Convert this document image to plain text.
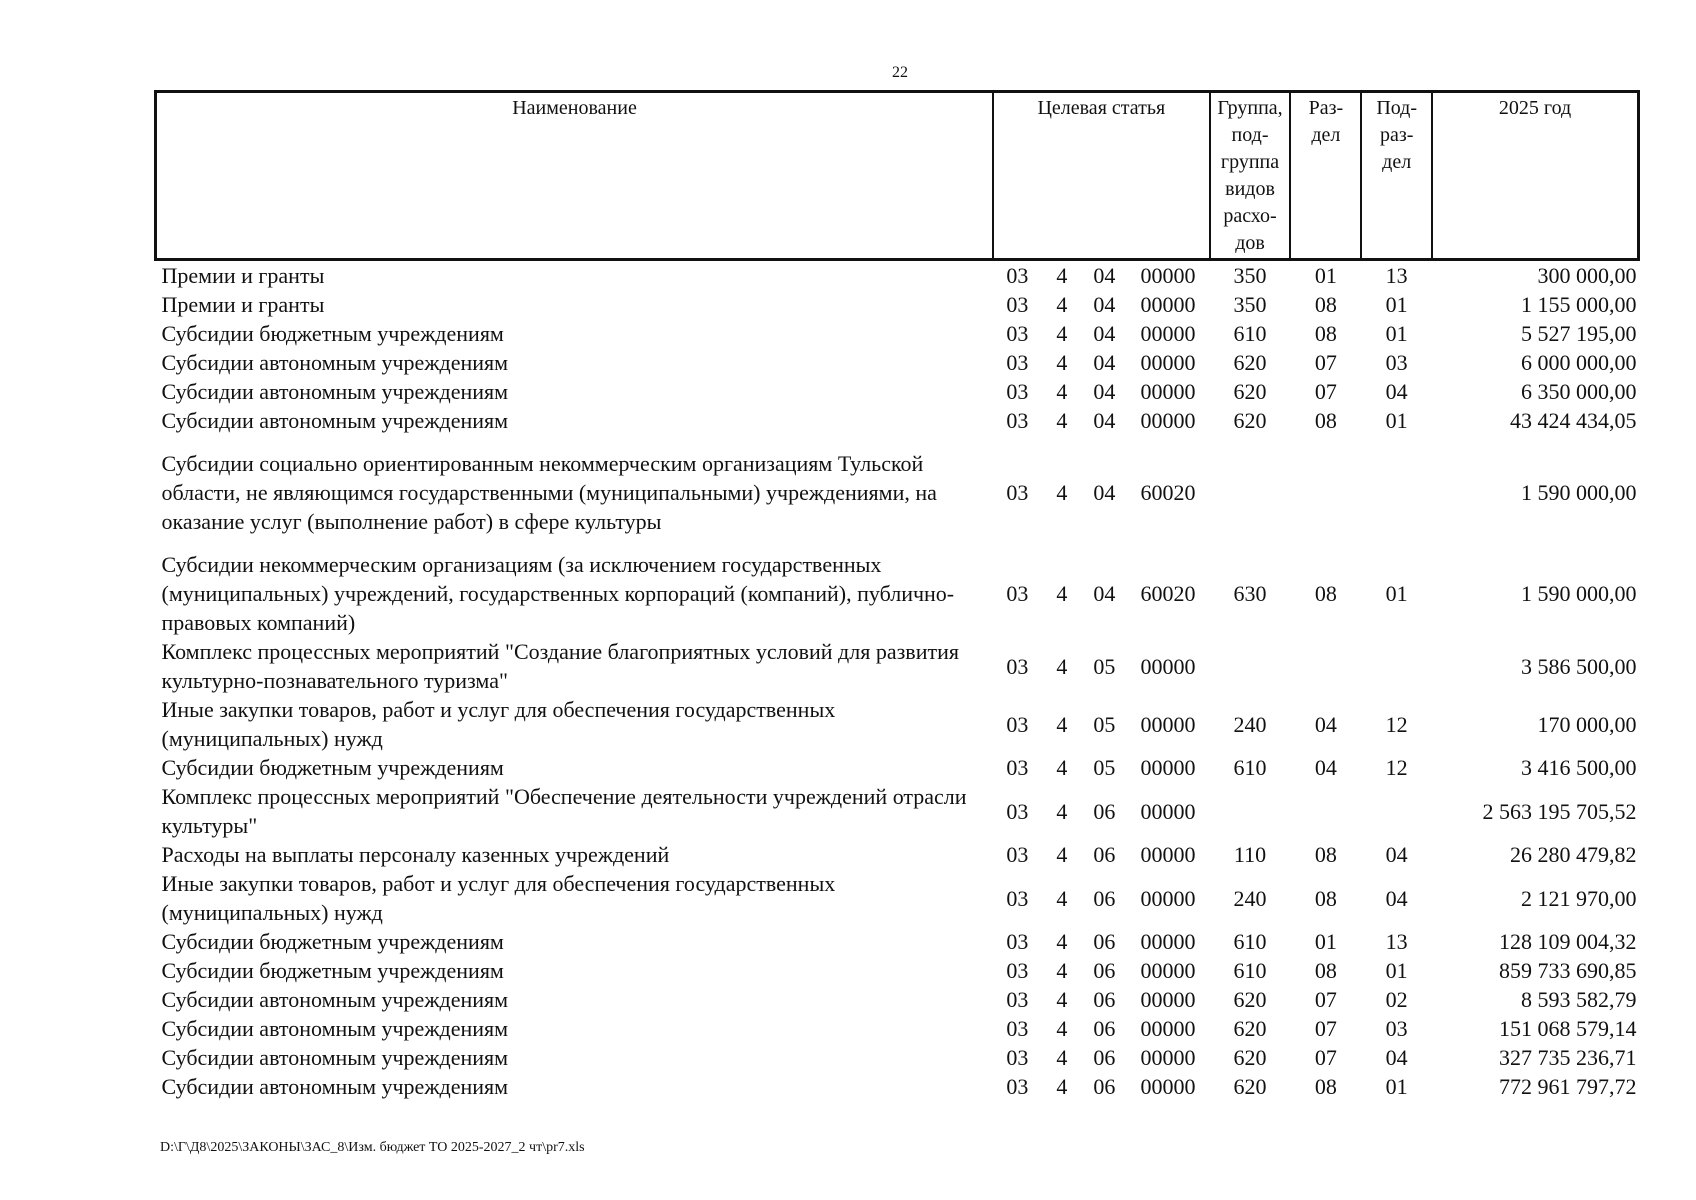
22
Наименование	Целевая статья				Группа, под- группа видов расхо- дов	Раз- дел	Под- раз- дел	2025 год
Премии и гранты	03	4	04	00000	350	01	13	300 000,00
Премии и гранты	03	4	04	00000	350	08	01	1 155 000,00
Субсидии бюджетным учреждениям	03	4	04	00000	610	08	01	5 527 195,00
Субсидии автономным учреждениям	03	4	04	00000	620	07	03	6 000 000,00
Субсидии автономным учреждениям	03	4	04	00000	620	07	04	6 350 000,00
Субсидии автономным учреждениям	03	4	04	00000	620	08	01	43 424 434,05
Субсидии социально ориентированным некоммерческим организациям Тульской области, не являющимся государственными (муниципальными) учреждениями, на оказание услуг (выполнение работ) в сфере культуры	03	4	04	60020				1 590 000,00
Субсидии некоммерческим организациям (за исключением государственных (муниципальных) учреждений, государственных корпораций (компаний), публично-правовых компаний)	03	4	04	60020	630	08	01	1 590 000,00
Комплекс процессных мероприятий "Создание благоприятных условий для развития культурно-познавательного туризма"	03	4	05	00000				3 586 500,00
Иные закупки товаров, работ и услуг для обеспечения государственных (муниципальных) нужд	03	4	05	00000	240	04	12	170 000,00
Субсидии бюджетным учреждениям	03	4	05	00000	610	04	12	3 416 500,00
Комплекс процессных мероприятий "Обеспечение деятельности учреждений отрасли культуры"	03	4	06	00000				2 563 195 705,52
Расходы на выплаты персоналу казенных учреждений	03	4	06	00000	110	08	04	26 280 479,82
Иные закупки товаров, работ и услуг для обеспечения государственных (муниципальных) нужд	03	4	06	00000	240	08	04	2 121 970,00
Субсидии бюджетным учреждениям	03	4	06	00000	610	01	13	128 109 004,32
Субсидии бюджетным учреждениям	03	4	06	00000	610	08	01	859 733 690,85
Субсидии автономным учреждениям	03	4	06	00000	620	07	02	8 593 582,79
Субсидии автономным учреждениям	03	4	06	00000	620	07	03	151 068 579,14
Субсидии автономным учреждениям	03	4	06	00000	620	07	04	327 735 236,71
Субсидии автономным учреждениям	03	4	06	00000	620	08	01	772 961 797,72
D:\Г\Д8\2025\ЗАКОНЫ\ЗАС_8\Изм. бюджет ТО 2025-2027_2 чт\pr7.xls
